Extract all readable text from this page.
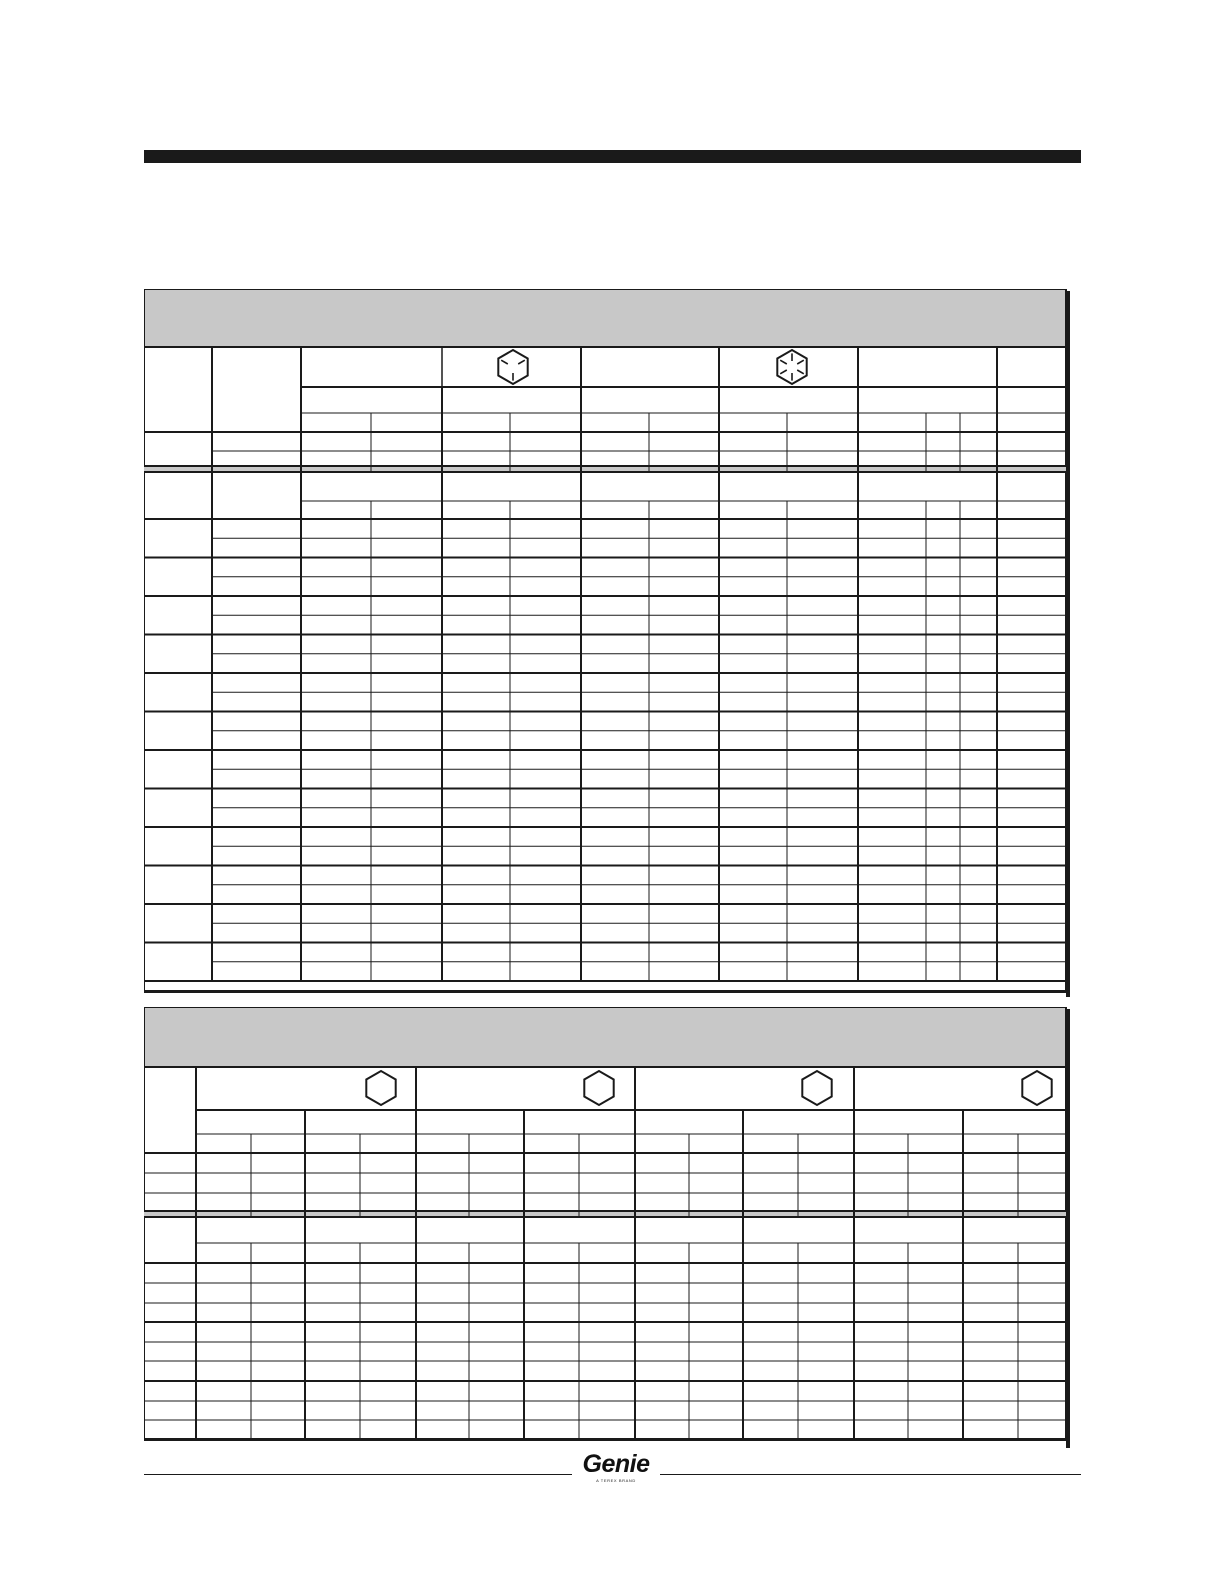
Genie
A TEREX BRAND
